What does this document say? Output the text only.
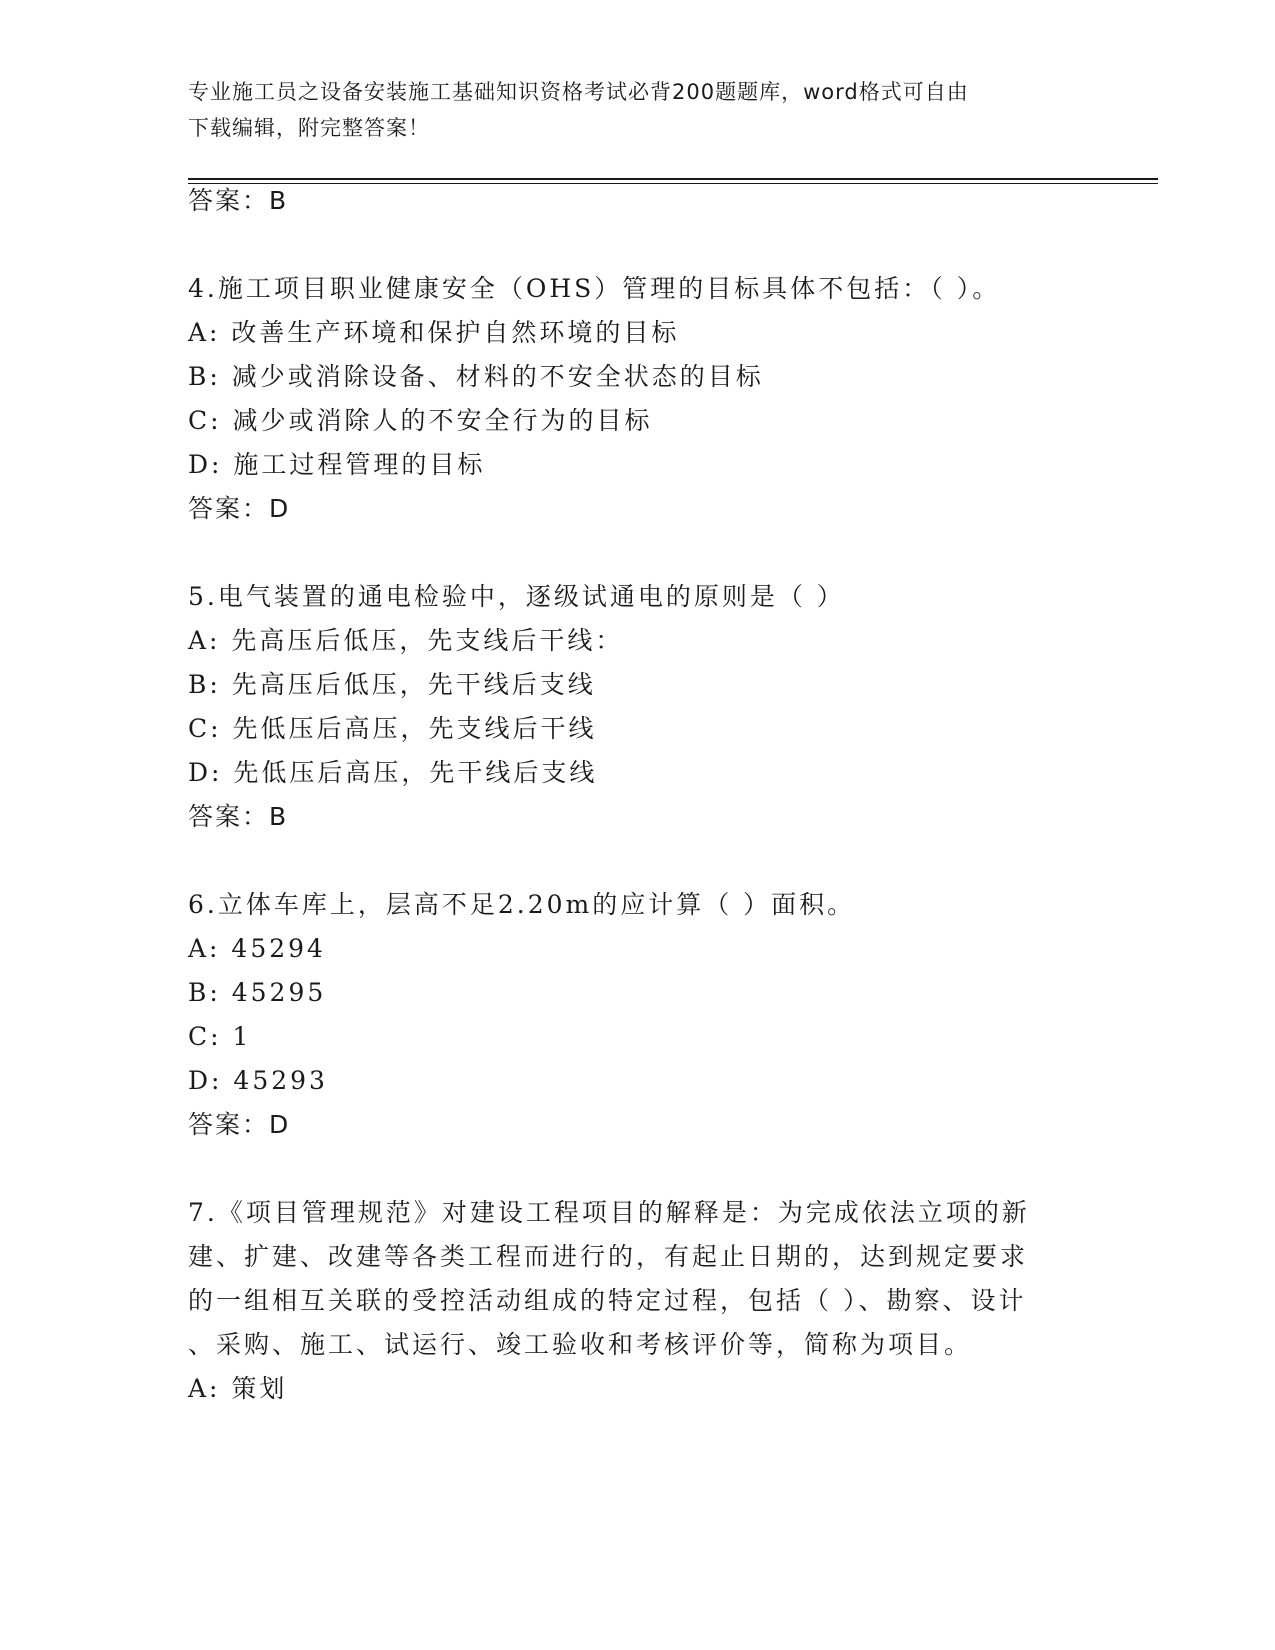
专业施工员之设备安装施工基础知识资格考试必背200题题库，word格式可自由
下载编辑，附完整答案！
答案：B
4.施工项目职业健康安全（OHS）管理的目标具体不包括：（ ）。
A: 改善生产环境和保护自然环境的目标
B: 减少或消除设备、材料的不安全状态的目标
C: 减少或消除人的不安全行为的目标
D: 施工过程管理的目标
答案：D
5.电气装置的通电检验中，逐级试通电的原则是（ ）
A: 先高压后低压，先支线后干线：
B: 先高压后低压，先干线后支线
C: 先低压后高压，先支线后干线
D: 先低压后高压，先干线后支线
答案：B
6.立体车库上，层高不足2.20m的应计算（ ）面积。
A: 45294
B: 45295
C: 1
D: 45293
答案：D
7.《项目管理规范》对建设工程项目的解释是：为完成依法立项的新
建、扩建、改建等各类工程而进行的，有起止日期的，达到规定要求
的一组相互关联的受控活动组成的特定过程，包括（ ）、勘察、设计
、采购、施工、试运行、竣工验收和考核评价等，简称为项目。
A: 策划
